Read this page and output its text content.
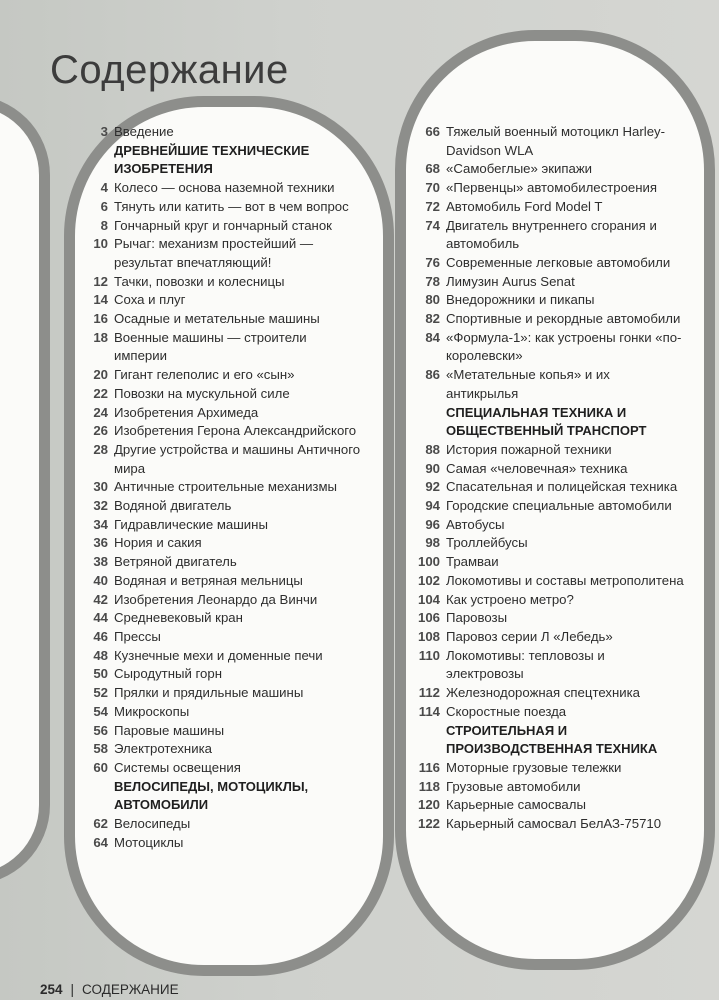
Содержание
3 Введение
ДРЕВНЕЙШИЕ ТЕХНИЧЕСКИЕ ИЗОБРЕТЕНИЯ
4 Колесо — основа наземной техники
6 Тянуть или катить — вот в чем вопрос
8 Гончарный круг и гончарный станок
10 Рычаг: механизм простейший — результат впечатляющий!
12 Тачки, повозки и колесницы
14 Соха и плуг
16 Осадные и метательные машины
18 Военные машины — строители империи
20 Гигант гелеполис и его «сын»
22 Повозки на мускульной силе
24 Изобретения Архимеда
26 Изобретения Герона Александрийского
28 Другие устройства и машины Античного мира
30 Античные строительные механизмы
32 Водяной двигатель
34 Гидравлические машины
36 Нория и сакия
38 Ветряной двигатель
40 Водяная и ветряная мельницы
42 Изобретения Леонардо да Винчи
44 Средневековый кран
46 Прессы
48 Кузнечные мехи и доменные печи
50 Сыродутный горн
52 Прялки и прядильные машины
54 Микроскопы
56 Паровые машины
58 Электротехника
60 Системы освещения
ВЕЛОСИПЕДЫ, МОТОЦИКЛЫ, АВТОМОБИЛИ
62 Велосипеды
64 Мотоциклы
66 Тяжелый военный мотоцикл Harley-Davidson WLA
68 «Самобеглые» экипажи
70 «Первенцы» автомобилестроения
72 Автомобиль Ford Model T
74 Двигатель внутреннего сгорания и автомобиль
76 Современные легковые автомобили
78 Лимузин Aurus Senat
80 Внедорожники и пикапы
82 Спортивные и рекордные автомобили
84 «Формула-1»: как устроены гонки «по-королевски»
86 «Метательные копья» и их антикрылья
СПЕЦИАЛЬНАЯ ТЕХНИКА И ОБЩЕСТВЕННЫЙ ТРАНСПОРТ
88 История пожарной техники
90 Самая «человечная» техника
92 Спасательная и полицейская техника
94 Городские специальные автомобили
96 Автобусы
98 Троллейбусы
100 Трамваи
102 Локомотивы и составы метрополитена
104 Как устроено метро?
106 Паровозы
108 Паровоз серии Л «Лебедь»
110 Локомотивы: тепловозы и электровозы
112 Железнодорожная спецтехника
114 Скоростные поезда
СТРОИТЕЛЬНАЯ И ПРОИЗВОДСТВЕННАЯ ТЕХНИКА
116 Моторные грузовые тележки
118 Грузовые автомобили
120 Карьерные самосвалы
122 Карьерный самосвал БелАЗ-75710
254 | СОДЕРЖАНИЕ
